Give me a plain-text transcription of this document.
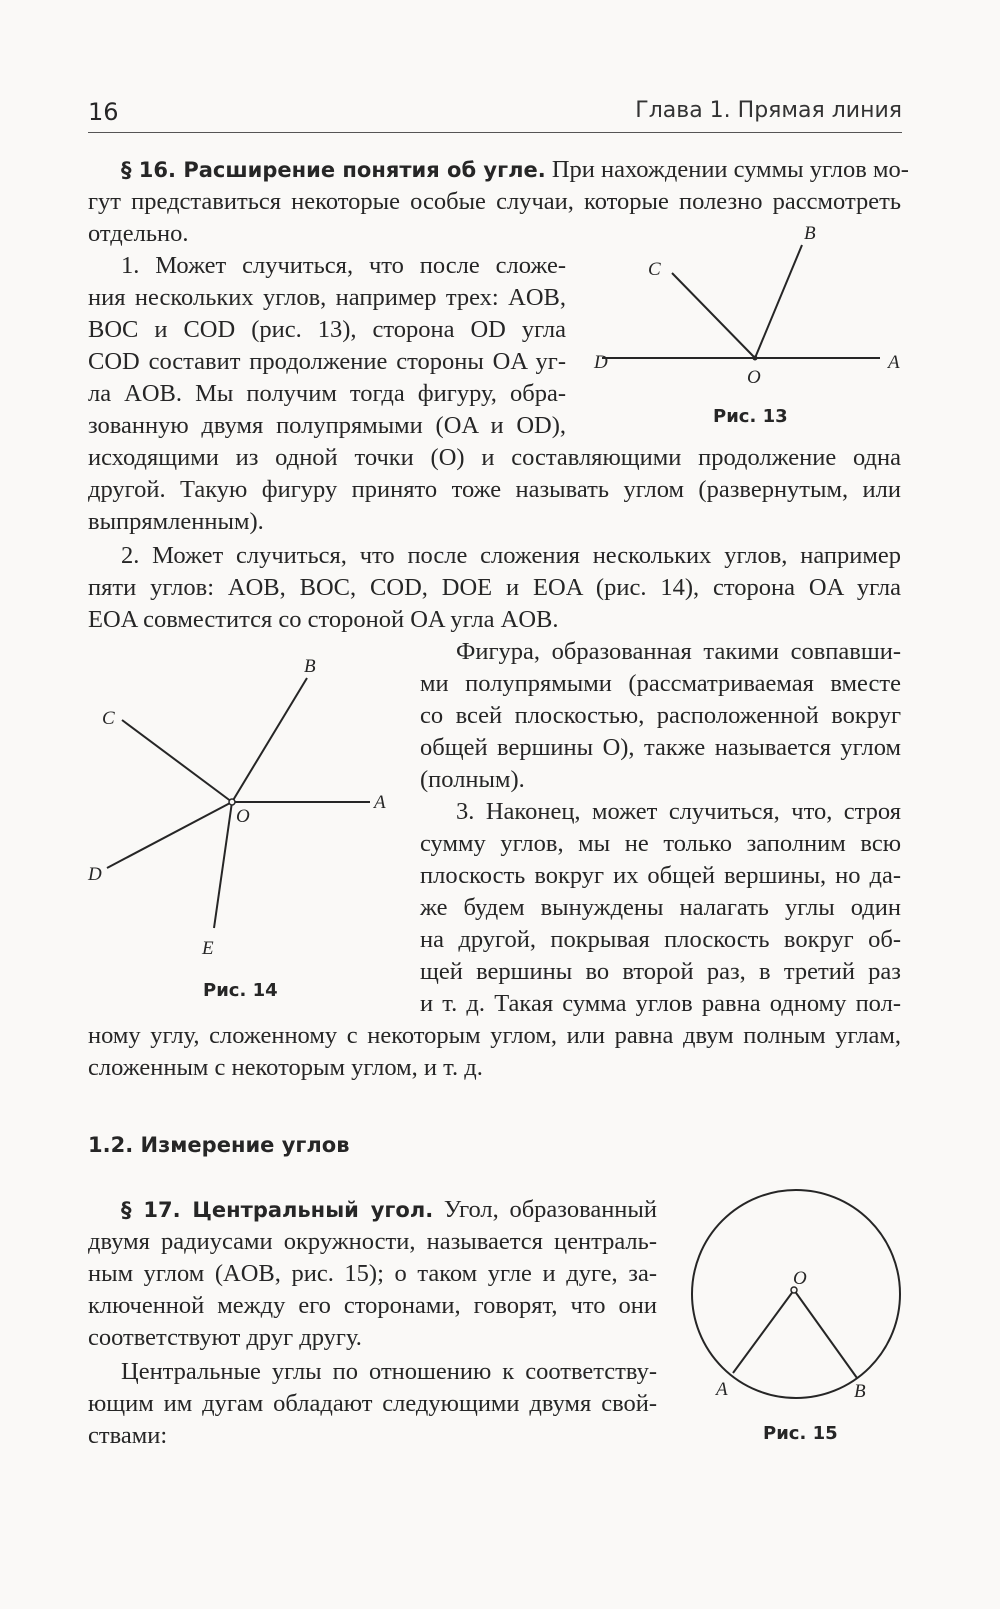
16	Глава 1. Прямая линия
§ 16. Расширение понятия об угле. При нахождении суммы углов мо-
гут представиться некоторые особые случаи, которые полезно рассмотреть
отдельно.
1. Может случиться, что после сложе-
ния нескольких углов, например трех: AOB,
BOC и COD (рис. 13), сторона OD угла
COD составит продолжение стороны OA уг-
ла AOB. Мы получим тогда фигуру, обра-
зованную двумя полупрямыми (OA и OD),
исходящими из одной точки (O) и составляющими продолжение одна
другой. Такую фигуру принято тоже называть углом (развернутым, или
выпрямленным).
2. Может случиться, что после сложения нескольких углов, например
пяти углов: AOB, BOC, COD, DOE и EOA (рис. 14), сторона OA угла
EOA совместится со стороной OA угла AOB.
Фигура, образованная такими совпавши-
ми полупрямыми (рассматриваемая вместе
со всей плоскостью, расположенной вокруг
общей вершины O), также называется углом
(полным).
3. Наконец, может случиться, что, строя
сумму углов, мы не только заполним всю
плоскость вокруг их общей вершины, но да-
же будем вынуждены налагать углы один
на другой, покрывая плоскость вокруг об-
щей вершины во второй раз, в третий раз
и т. д. Такая сумма углов равна одному пол-
ному углу, сложенному с некоторым углом, или равна двум полным углам,
сложенным с некоторым углом, и т. д.
B
C
D	A
O
Рис. 13
B
C
A
O
D
E
Рис. 14
1.2. Измерение углов
§ 17. Центральный угол. Угол, образованный
двумя радиусами окружности, называется централь-
ным углом (AOB, рис. 15); о таком угле и дуге, за-
ключенной между его сторонами, говорят, что они
соответствуют друг другу.
Центральные углы по отношению к соответству-
ющим им дугам обладают следующими двумя свой-
ствами:
O
A	B
Рис. 15
